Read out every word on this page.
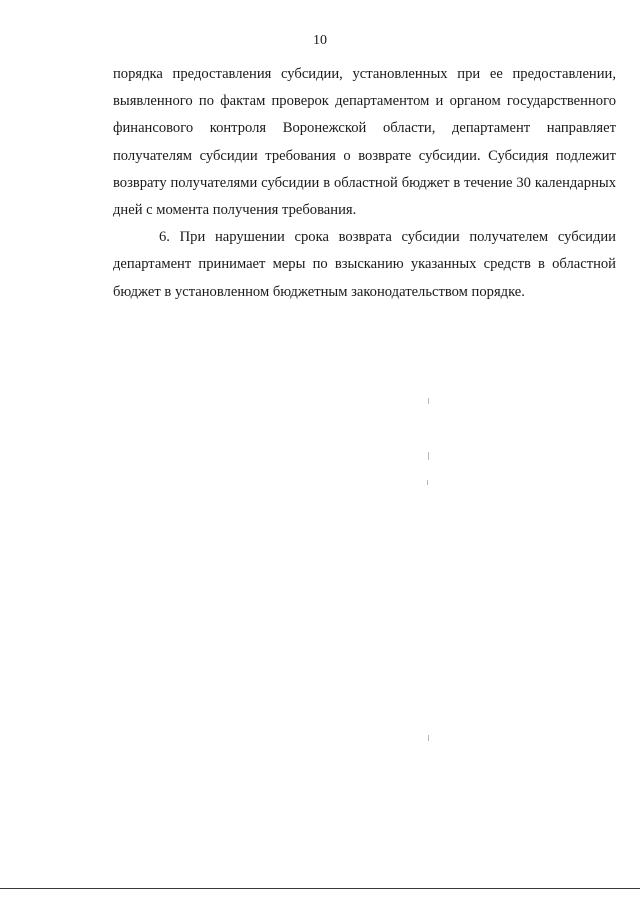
10

порядка предоставления субсидии, установленных при ее предоставлении, выявленного по фактам проверок департаментом и органом государственного финансового контроля Воронежской области, департамент направляет получателям субсидии требования о возврате субсидии. Субсидия подлежит возврату получателями субсидии в областной бюджет в течение 30 календарных дней с момента получения требования.

6. При нарушении срока возврата субсидии получателем субсидии департамент принимает меры по взысканию указанных средств в областной бюджет в установленном бюджетным законодательством порядке.
